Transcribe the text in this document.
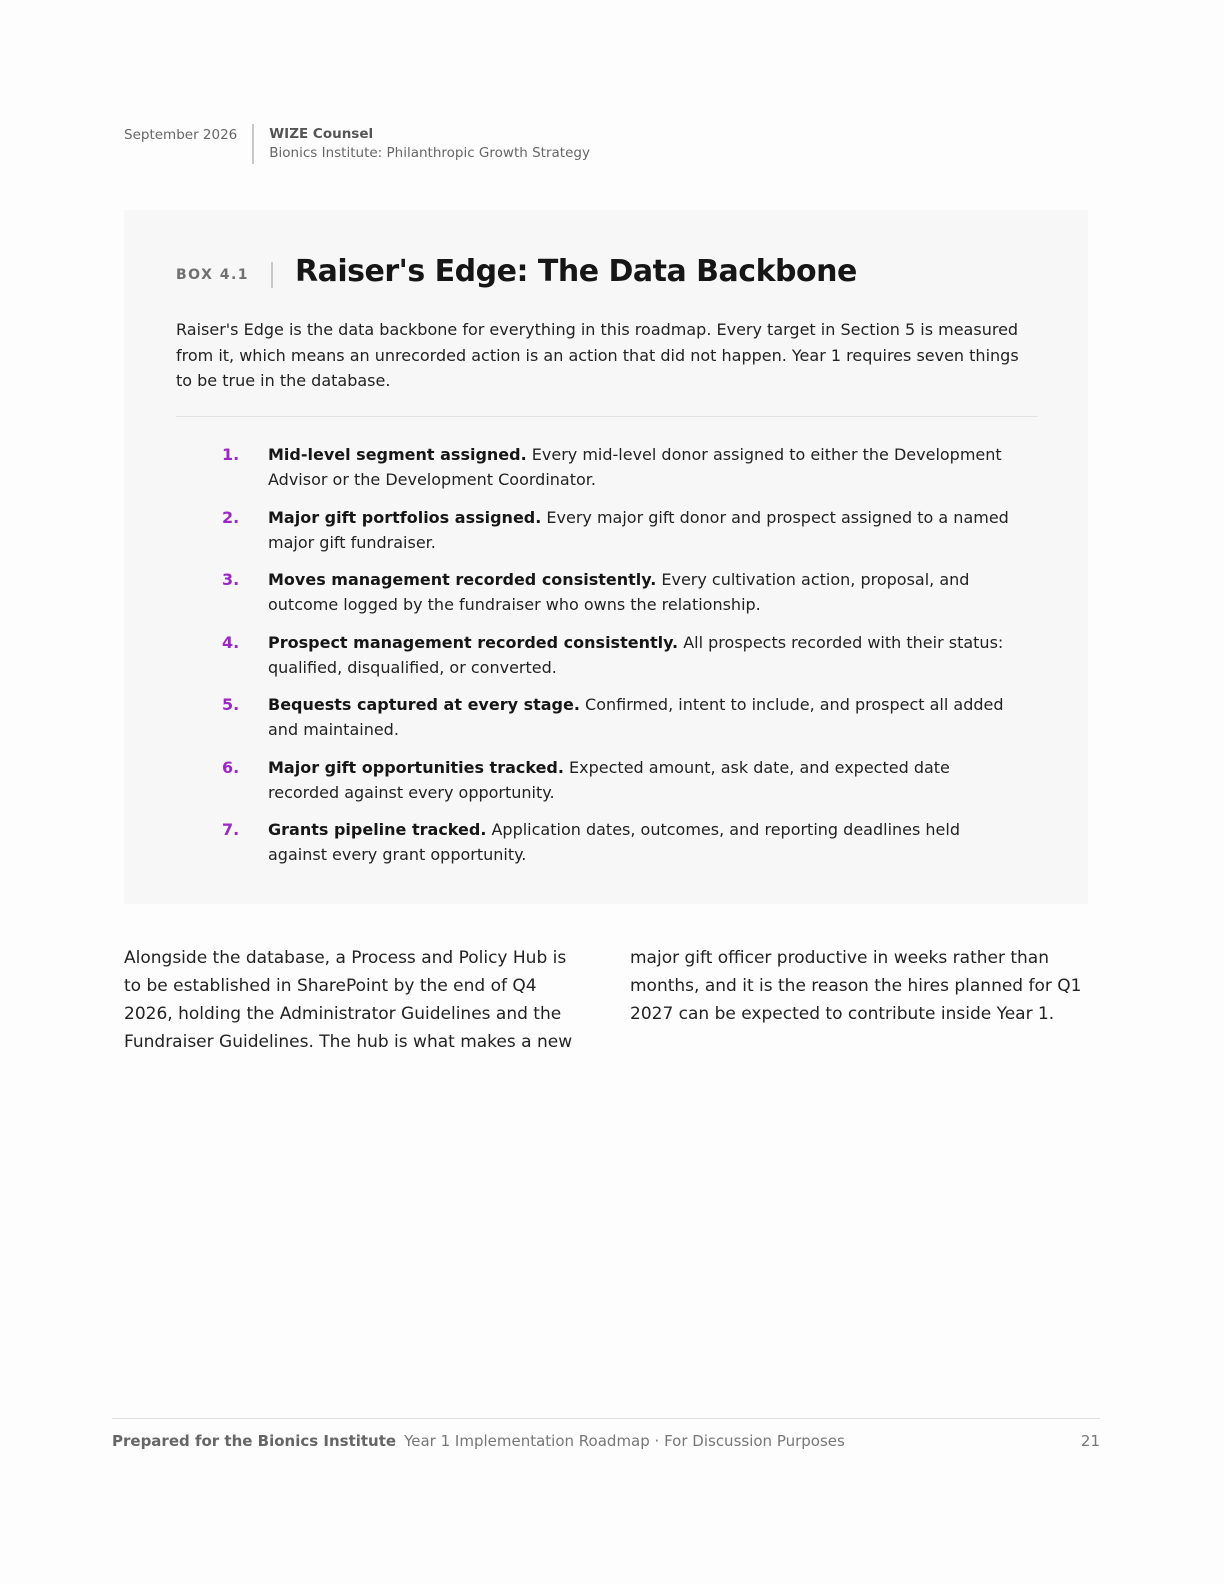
September 2026	WIZE Counsel
Bionics Institute: Philanthropic Growth Strategy
BOX 4.1 Raiser's Edge: The Data Backbone
Raiser's Edge is the data backbone for everything in this roadmap. Every target in Section 5 is measured from it, which means an unrecorded action is an action that did not happen. Year 1 requires seven things to be true in the database.
1.	Mid-level segment assigned. Every mid-level donor assigned to either the Development Advisor or the Development Coordinator.
2.	Major gift portfolios assigned. Every major gift donor and prospect assigned to a named major gift fundraiser.
3.	Moves management recorded consistently. Every cultivation action, proposal, and outcome logged by the fundraiser who owns the relationship.
4.	Prospect management recorded consistently. All prospects recorded with their status: qualified, disqualified, or converted.
5.	Bequests captured at every stage. Confirmed, intent to include, and prospect all added and maintained.
6.	Major gift opportunities tracked. Expected amount, ask date, and expected date recorded against every opportunity.
7.	Grants pipeline tracked. Application dates, outcomes, and reporting deadlines held against every grant opportunity.
Alongside the database, a Process and Policy Hub is to be established in SharePoint by the end of Q4 2026, holding the Administrator Guidelines and the Fundraiser Guidelines. The hub is what makes a new
major gift officer productive in weeks rather than months, and it is the reason the hires planned for Q1 2027 can be expected to contribute inside Year 1.
Prepared for the Bionics Institute Year 1 Implementation Roadmap · For Discussion Purposes	21
